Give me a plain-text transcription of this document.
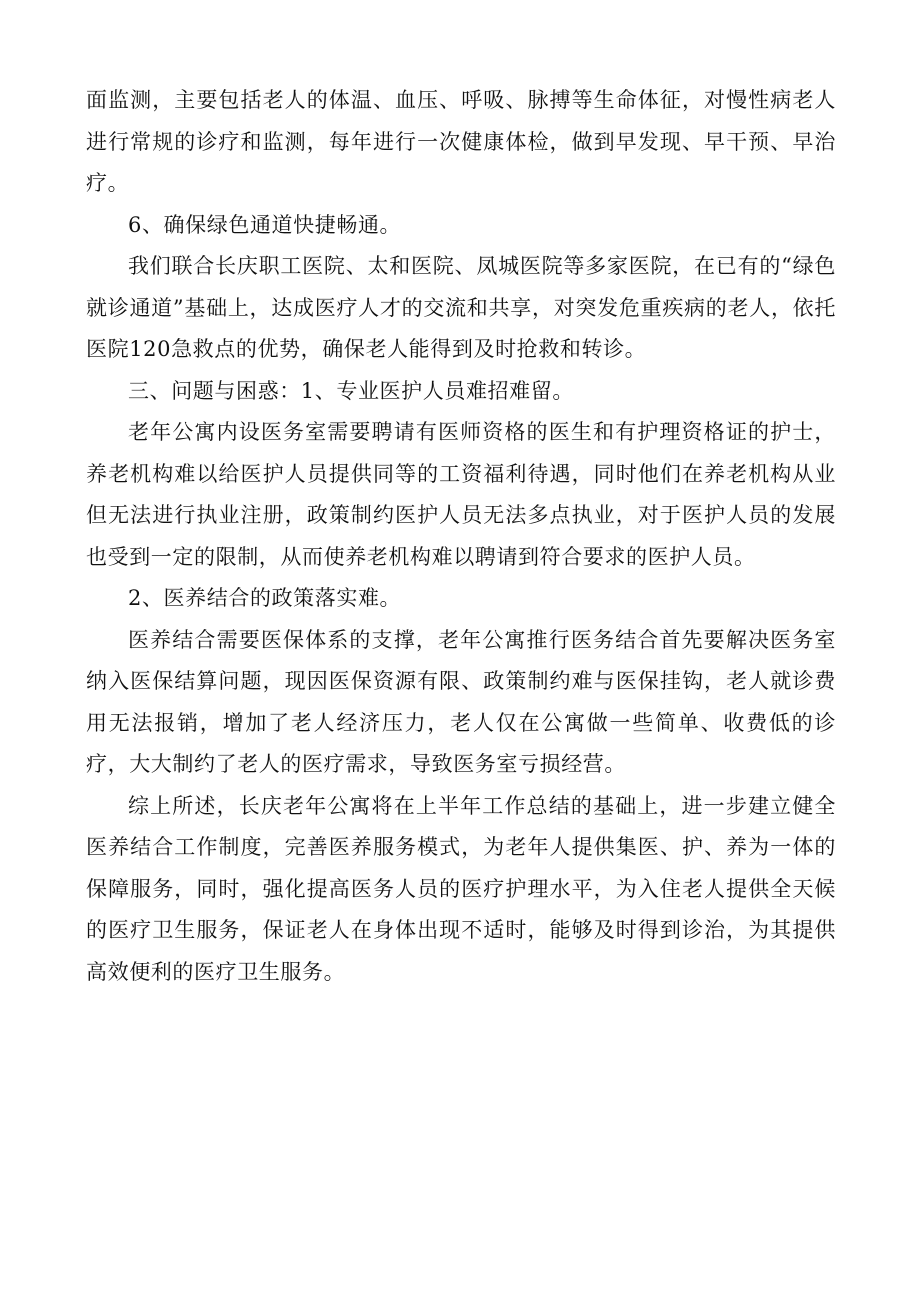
面监测，主要包括老人的体温、血压、呼吸、脉搏等生命体征，对慢性病老人进行常规的诊疗和监测，每年进行一次健康体检，做到早发现、早干预、早治疗。

6、确保绿色通道快捷畅通。

我们联合长庆职工医院、太和医院、凤城医院等多家医院，在已有的“绿色就诊通道”基础上，达成医疗人才的交流和共享，对突发危重疾病的老人，依托医院120急救点的优势，确保老人能得到及时抢救和转诊。

三、问题与困惑：1、专业医护人员难招难留。

老年公寓内设医务室需要聘请有医师资格的医生和有护理资格证的护士，养老机构难以给医护人员提供同等的工资福利待遇，同时他们在养老机构从业但无法进行执业注册，政策制约医护人员无法多点执业，对于医护人员的发展也受到一定的限制，从而使养老机构难以聘请到符合要求的医护人员。

2、医养结合的政策落实难。

医养结合需要医保体系的支撑，老年公寓推行医务结合首先要解决医务室纳入医保结算问题，现因医保资源有限、政策制约难与医保挂钩，老人就诊费用无法报销，增加了老人经济压力，老人仅在公寓做一些简单、收费低的诊疗，大大制约了老人的医疗需求，导致医务室亏损经营。

综上所述，长庆老年公寓将在上半年工作总结的基础上，进一步建立健全医养结合工作制度，完善医养服务模式，为老年人提供集医、护、养为一体的保障服务，同时，强化提高医务人员的医疗护理水平，为入住老人提供全天候的医疗卫生服务，保证老人在身体出现不适时，能够及时得到诊治，为其提供高效便利的医疗卫生服务。
